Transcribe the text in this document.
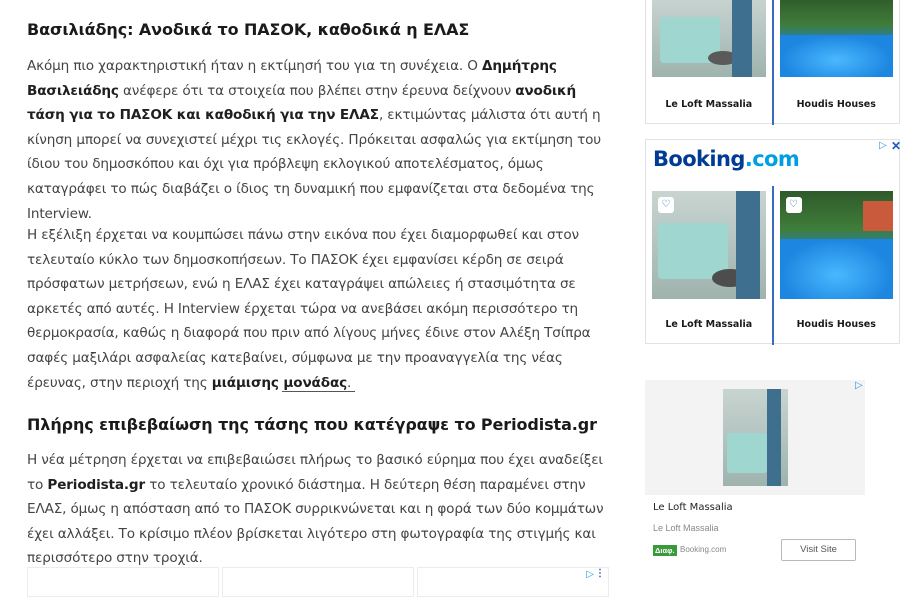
Βασιλιάδης: Ανοδικά το ΠΑΣΟΚ, καθοδικά η ΕΛΑΣ
Ακόμη πιο χαρακτηριστική ήταν η εκτίμησή του για τη συνέχεια. Ο Δημήτρης Βασιλειάδης ανέφερε ότι τα στοιχεία που βλέπει στην έρευνα δείχνουν ανοδική τάση για το ΠΑΣΟΚ και καθοδική για την ΕΛΑΣ, εκτιμώντας μάλιστα ότι αυτή η κίνηση μπορεί να συνεχιστεί μέχρι τις εκλογές. Πρόκειται ασφαλώς για εκτίμηση του ίδιου του δημοσκόπου και όχι για πρόβλεψη εκλογικού αποτελέσματος, όμως καταγράφει το πώς διαβάζει ο ίδιος τη δυναμική που εμφανίζεται στα δεδομένα της Interview.
Η εξέλιξη έρχεται να κουμπώσει πάνω στην εικόνα που έχει διαμορφωθεί και στον τελευταίο κύκλο των δημοσκοπήσεων. Το ΠΑΣΟΚ έχει εμφανίσει κέρδη σε σειρά πρόσφατων μετρήσεων, ενώ η ΕΛΑΣ έχει καταγράψει απώλειες ή στασιμότητα σε αρκετές από αυτές. Η Interview έρχεται τώρα να ανεβάσει ακόμη περισσότερο τη θερμοκρασία, καθώς η διαφορά που πριν από λίγους μήνες έδινε στον Αλέξη Τσίπρα σαφές μαξιλάρι ασφαλείας κατεβαίνει, σύμφωνα με την προαναγγελία της νέας έρευνας, στην περιοχή της μιάμισης μονάδας.
Πλήρης επιβεβαίωση της τάσης που κατέγραψε το Periodista.gr
Η νέα μέτρηση έρχεται να επιβεβαιώσει πλήρως το βασικό εύρημα που έχει αναδείξει το Periodista.gr το τελευταίο χρονικό διάστημα. Η δεύτερη θέση παραμένει στην ΕΛΑΣ, όμως η απόσταση από το ΠΑΣΟΚ συρρικνώνεται και η φορά των δύο κομμάτων έχει αλλάξει. Το κρίσιμο πλέον βρίσκεται λιγότερο στη φωτογραφία της στιγμής και περισσότερο στην τροχιά.
▷ ⋮
Le Loft Massalia	Houdis Houses
Booking.com
▷ ✕
♡
Le Loft Massalia
♡
Houdis Houses
▷
Le Loft Massalia
Le Loft Massalia
Διαφ. Booking.com	Visit Site
